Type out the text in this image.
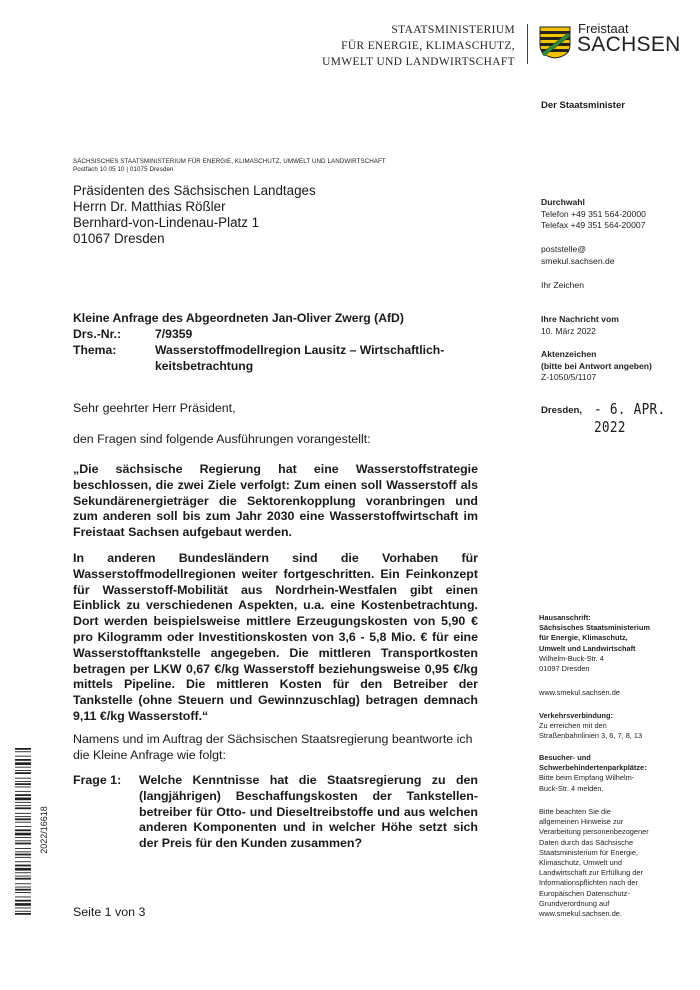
STAATSMINISTERIUM
FÜR ENERGIE, KLIMASCHUTZ,
UMWELT UND LANDWIRTSCHAFT
Freistaat
SACHSEN
Der Staatsminister
SÄCHSISCHES STAATSMINISTERIUM FÜR ENERGIE, KLIMASCHUTZ, UMWELT UND LANDWIRTSCHAFT
Postfach 10 05 10 | 01075 Dresden
Präsidenten des Sächsischen Landtages
Herrn Dr. Matthias Rößler
Bernhard-von-Lindenau-Platz 1
01067 Dresden
Durchwahl
Telefon +49 351 564-20000
Telefax +49 351 564-20007
poststelle@
smekul.sachsen.de
Ihr Zeichen
Ihre Nachricht vom
10. März 2022
Aktenzeichen
(bitte bei Antwort angeben)
Z-1050/5/1107
Dresden, - 6. APR. 2022
Kleine Anfrage des Abgeordneten Jan-Oliver Zwerg (AfD)
Drs.-Nr.:	7/9359
Thema:	Wasserstoffmodellregion Lausitz – Wirtschaftlich-keitsbetrachtung
Sehr geehrter Herr Präsident,
den Fragen sind folgende Ausführungen vorangestellt:
„Die sächsische Regierung hat eine Wasserstoffstrategie beschlossen, die zwei Ziele verfolgt: Zum einen soll Wasserstoff als Sekundärenergieträger die Sektorenkopplung voranbringen und zum anderen soll bis zum Jahr 2030 eine Wasserstoffwirtschaft im Freistaat Sachsen aufgebaut werden.
In anderen Bundesländern sind die Vorhaben für Wasserstoffmodellregionen weiter fortgeschritten. Ein Feinkonzept für Wasserstoff-Mobilität aus Nordrhein-Westfalen gibt einen Einblick zu verschiedenen Aspekten, u.a. eine Kostenbetrachtung. Dort werden beispielsweise mittlere Erzeugungskosten von 5,90 € pro Kilogramm oder Investitionskosten von 3,6 - 5,8 Mio. € für eine Wasserstofftankstelle angegeben. Die mittleren Transportkosten betragen per LKW 0,67 €/kg Wasserstoff beziehungsweise 0,95 €/kg mittels Pipeline. Die mittleren Kosten für den Betreiber der Tankstelle (ohne Steuern und Gewinnzuschlag) betragen demnach 9,11 €/kg Wasserstoff.“
Namens und im Auftrag der Sächsischen Staatsregierung beantworte ich die Kleine Anfrage wie folgt:
Frage 1:	Welche Kenntnisse hat die Staatsregierung zu den (langjährigen) Beschaffungskosten der Tankstellen-betreiber für Otto- und Dieseltreibstoffe und aus welchen anderen Komponenten und in welcher Höhe setzt sich der Preis für den Kunden zusammen?
Seite 1 von 3
Hausanschrift:
Sächsisches Staatsministerium
für Energie, Klimaschutz,
Umwelt und Landwirtschaft
Wilhelm-Buck-Str. 4
01097 Dresden
www.smekul.sachsen.de
Verkehrsverbindung:
Zu erreichen mit den
Straßenbahnlinien 3, 6, 7, 8, 13
Besucher- und
Schwerbehindertenparkplätze:
Bitte beim Empfang Wilhelm-
Buck-Str. 4 melden.
Bitte beachten Sie die
allgemeinen Hinweise zur
Verarbeitung personenbezogener
Daten durch das Sächsische
Staatsministerium für Energie,
Klimaschutz, Umwelt und
Landwirtschaft zur Erfüllung der
Informationspflichten nach der
Europäischen Datenschutz-
Grundverordnung auf
www.smekul.sachsen.de.
2022/16618
